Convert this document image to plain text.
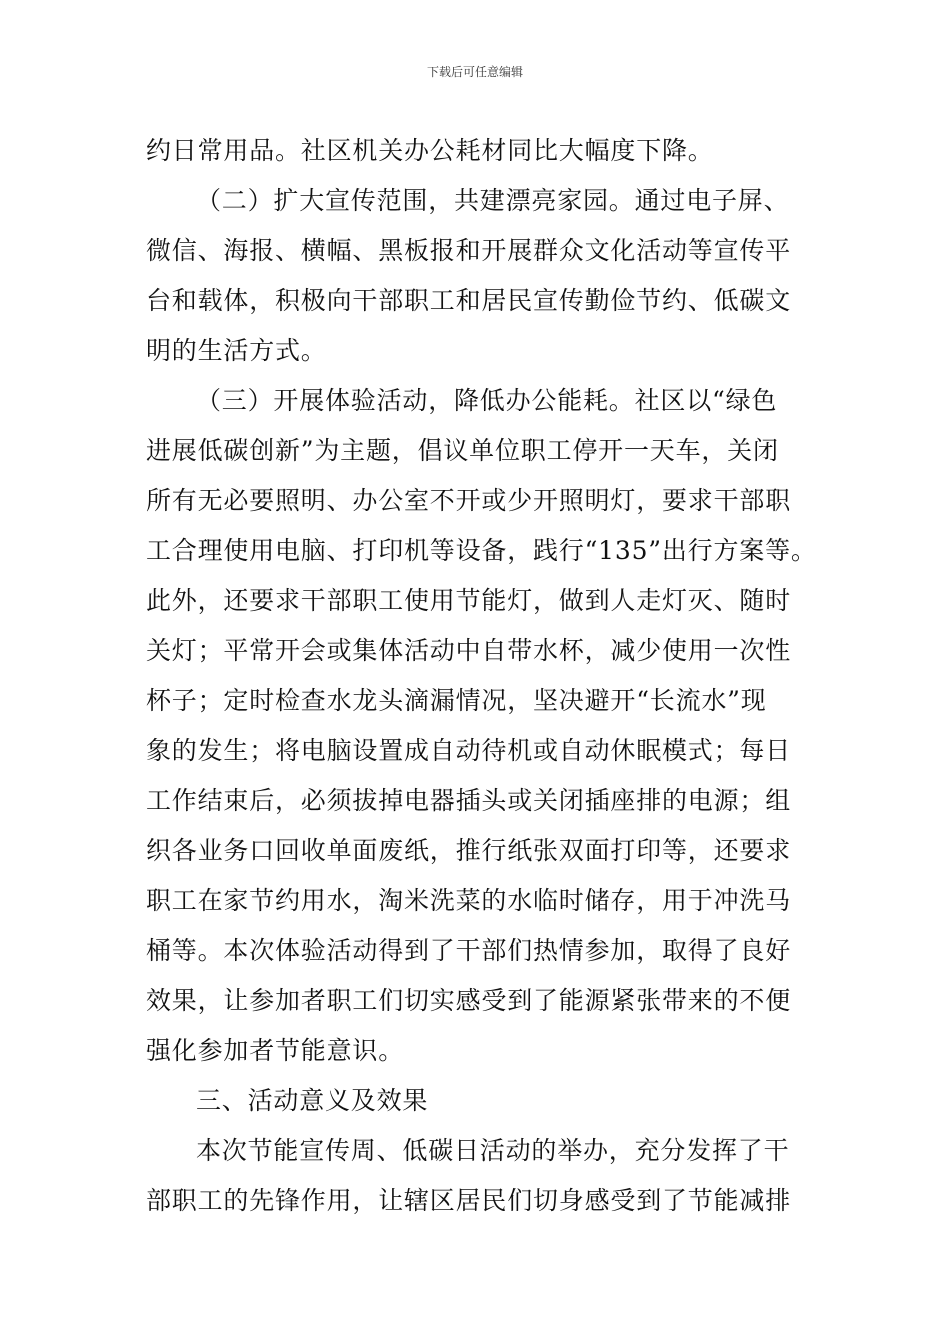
下载后可任意编辑
约日常用品。社区机关办公耗材同比大幅度下降。
（二）扩大宣传范围，共建漂亮家园。通过电子屏、
微信、海报、横幅、黑板报和开展群众文化活动等宣传平
台和载体，积极向干部职工和居民宣传勤俭节约、低碳文
明的生活方式。
（三）开展体验活动，降低办公能耗。社区以“绿色
进展低碳创新”为主题，倡议单位职工停开一天车，关闭
所有无必要照明、办公室不开或少开照明灯，要求干部职
工合理使用电脑、打印机等设备，践行“135”出行方案等。
此外，还要求干部职工使用节能灯，做到人走灯灭、随时
关灯；平常开会或集体活动中自带水杯，减少使用一次性
杯子；定时检查水龙头滴漏情况，坚决避开“长流水”现
象的发生；将电脑设置成自动待机或自动休眠模式；每日
工作结束后，必须拔掉电器插头或关闭插座排的电源；组
织各业务口回收单面废纸，推行纸张双面打印等，还要求
职工在家节约用水，淘米洗菜的水临时储存，用于冲洗马
桶等。本次体验活动得到了干部们热情参加，取得了良好
效果，让参加者职工们切实感受到了能源紧张带来的不便
强化参加者节能意识。
三、活动意义及效果
本次节能宣传周、低碳日活动的举办，充分发挥了干
部职工的先锋作用，让辖区居民们切身感受到了节能减排
